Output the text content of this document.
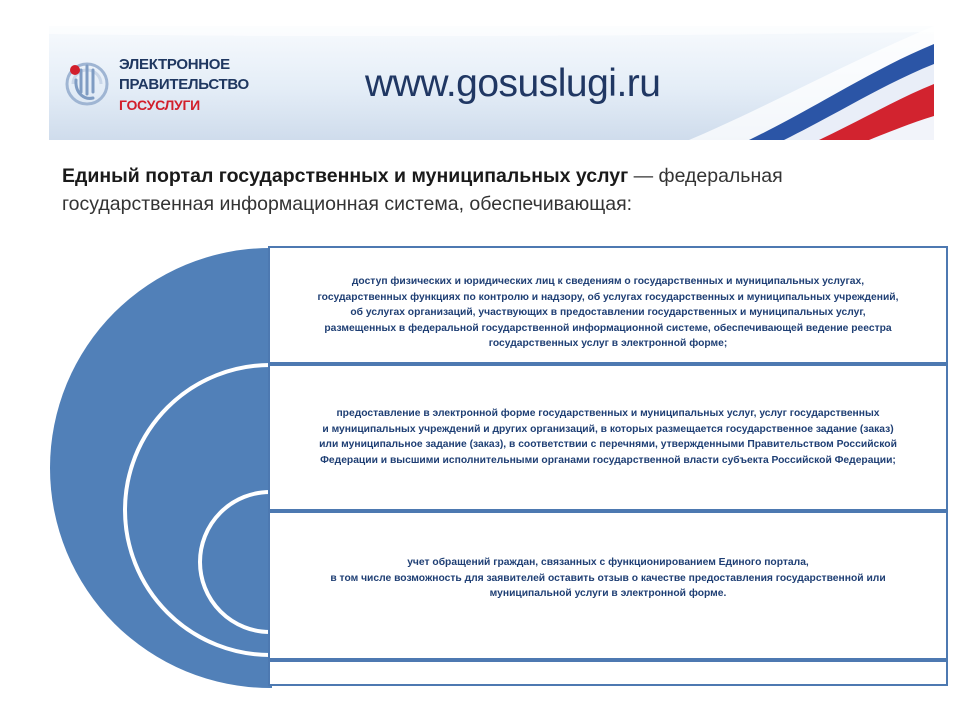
ЭЛЕКТРОННОЕ
ПРАВИТЕЛЬСТВО
ГОСУСЛУГИ	www.gosuslugi.ru
Единый портал государственных и муниципальных услуг — федеральная государственная информационная система, обеспечивающая:
доступ физических и юридических лиц к сведениям о государственных и муниципальных услугах,
государственных функциях по контролю и надзору, об услугах государственных и муниципальных учреждений,
об услугах организаций, участвующих в предоставлении государственных и муниципальных услуг,
размещенных в федеральной государственной информационной системе, обеспечивающей ведение реестра
государственных услуг в электронной форме;
предоставление в электронной форме государственных и муниципальных услуг, услуг государственных
и муниципальных учреждений и других организаций, в которых размещается государственное задание (заказ)
или муниципальное задание (заказ), в соответствии с перечнями, утвержденными Правительством Российской
Федерации и высшими исполнительными органами государственной власти субъекта Российской Федерации;
учет обращений граждан, связанных с функционированием Единого портала,
в том числе возможность для заявителей оставить отзыв о качестве предоставления государственной или
муниципальной услуги в электронной форме.
